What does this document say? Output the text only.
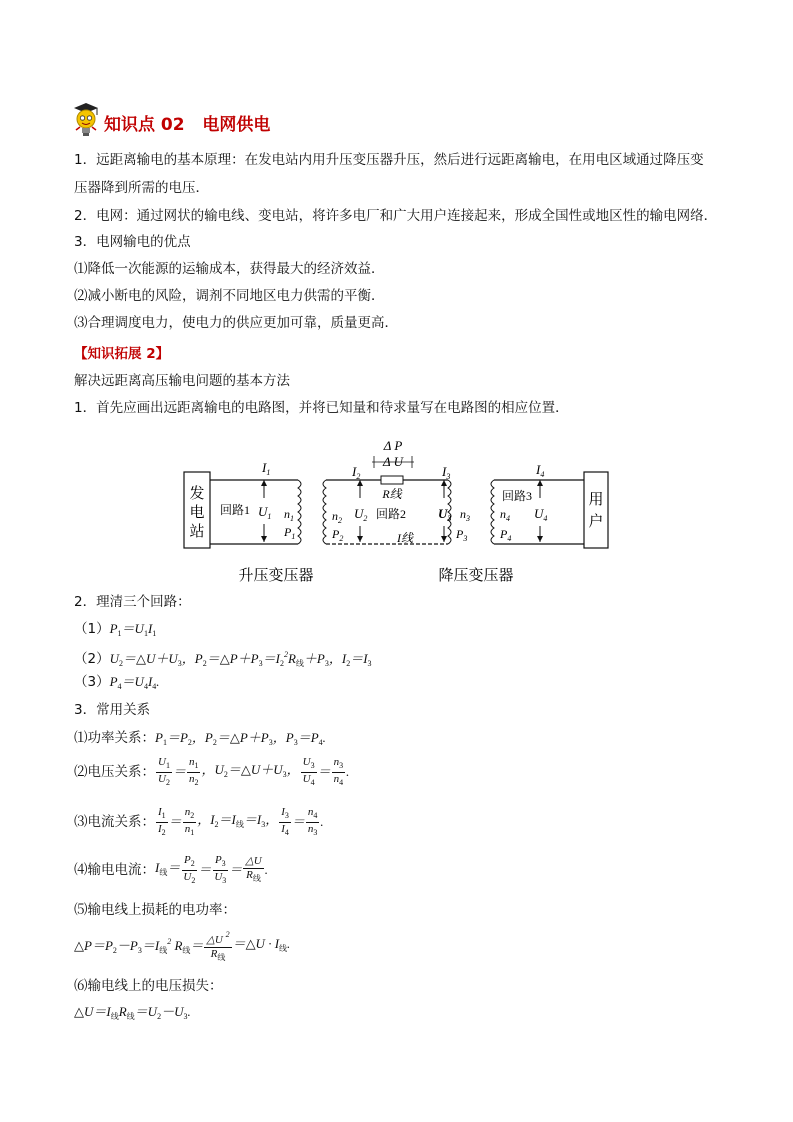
知识点 02   电网供电
1．远距离输电的基本原理：在发电站内用升压变压器升压，然后进行远距离输电，在用电区域通过降压变
压器降到所需的电压．
2．电网：通过网状的输电线、变电站，将许多电厂和广大用户连接起来，形成全国性或地区性的输电网络．
3．电网输电的优点
⑴降低一次能源的运输成本，获得最大的经济效益．
⑵减小断电的风险，调剂不同地区电力供需的平衡．
⑶合理调度电力，使电力的供应更加可靠，质量更高．
【知识拓展 2】
解决远距离高压输电问题的基本方法
1．首先应画出远距离输电的电路图，并将已知量和待求量写在电路图的相应位置．
发
电
站
用
户
Δ P
Δ U
R线
I线
回路1	回路2
回路3
$I_1$
$U_1$ $n_1$
$P_1$
$I_2$
$U_2$
$n_2$
$P_2$
$I_3$
$U_3$ $n_3$
$P_3$
$I_4$
$U_4$
$n_4$
$P_4$
升压变压器	降压变压器
2．理清三个回路：
$(1)P_1=U_1I_1$
$(2)U_2=\triangle U+U_3$，$P_2=\triangle P+P_3=I_2^2R_线+P_3$，$I_2=I_3$
$(3)P_4=U_4I_4$.
3．常用关系
⑴功率关系：$P_1=P_2$，$P_2=\triangle P+P_3$，$P_3=P_4$.
⑵电压关系： $\frac{U_1}{U_2} = \frac{n_1}{n_2}$ ，$U_2=\triangle U+U_3$， $\frac{U_3}{U_4} = \frac{n_3}{n_4}$ .
⑶电流关系： $\frac{I_1}{I_2} = \frac{n_2}{n_1}$ ，$I_2=I_线=I_3$， $\frac{I_3}{I_4} = \frac{n_4}{n_3}$ .
⑷输电电流： $I_线= \frac{P_2}{U_2} = \frac{P_3}{U_3} = \frac{\triangle U}{R_线}$ .
⑸输电线上损耗的电功率：
$\triangle P=P_2-P_3=I_线^2$ $R_线= \frac{\triangle U ^2}{R_线}$ ＝△U · $I_线$.
⑹输电线上的电压损失：
$\triangle U=I_线R_线=U_2-U_3$.
